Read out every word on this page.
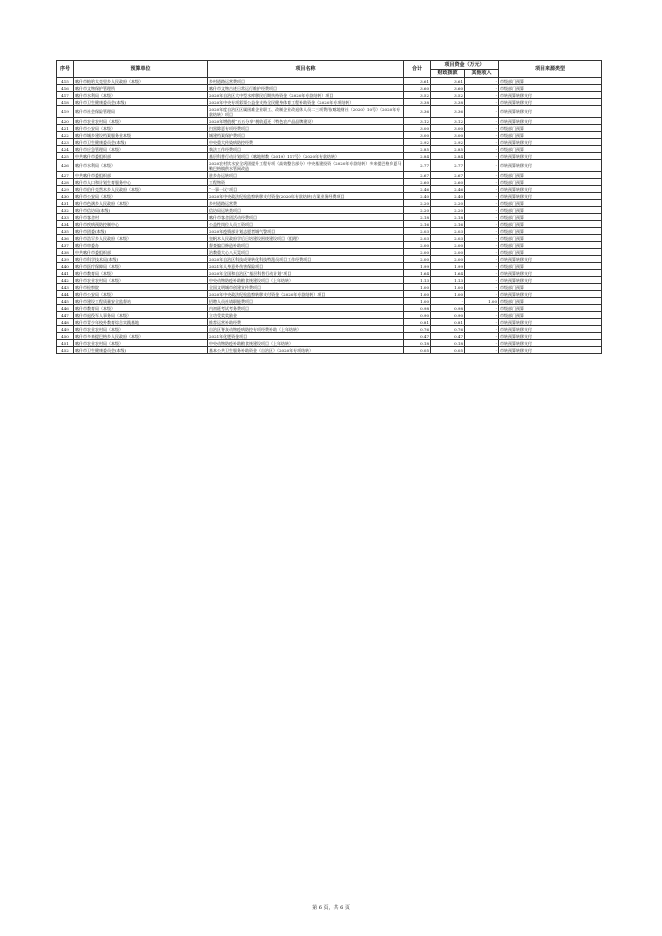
序号	预算单位	项目名称	合计	项目资金（万元）		项目来源类型
				财政拨款	其他收入	
415	喀什市帕哈太克里乡人民政府（本级）	乡村道路运营费项目	3.61	3.61	-	市级部门预算
416	喀什市文物保护管理所	喀什市文物古迹日常运行维护经费项目	3.60	3.60	-	市级部门预算
417	喀什市水利局（本级）	2020年自治区大中型水库移民后期扶持资金（2020年专款结转）项目	3.52	3.52	-	市转预算转移支付
418	喀什市卫生健康委员会(本级)	2020年中央专项彩票公益金支持全民健身体育工程补助资金（2020年专项结转）	3.38	3.38	-	市转预算转移支付
419	喀什市社会保险管理局	2020年度自治区区属困难企业职工、改制企业改退休人员二三项费用(喀地财社（2020）10号）（2020年专款结转）项目	3.36	3.36	-	市转预算转移支付
420	喀什市农业农村局（本级）	2020年增值税“五五分享”税收返还（特色农产品品牌建设）	3.12	3.12	-	市转预算转移支付
421	喀什市公安局（本级）	扫黑除恶专项经费项目	3.00	3.00	-	市级部门预算
422	喀什市城乡建设档案服务业本级	城建档案保护费项目	3.00	3.00	-	市级部门预算
423	喀什市卫生健康委员会(本级)	中央重大传染病防控经费	2.92	2.92	-	市转预算转移支付
424	喀什市应急管理局（本级）	執法工作经费项目	2.85	2.85	-	市级部门预算
425	中共喀什市委组织部	基层科普行动计划项目（喀地财教（2019）117号）（2020年专款结转）	2.84	2.84	-	市转预算转移支付
426	喀什市水利局（本级）	2020农村饮水安全巩固提升工程专项（高效整合部分）中央基建投资（2020年专款结转）多来提巴格乡夏马勒巴格镇供水管网改造	2.77	2.77	-	市转预算转移支付
427	中共喀什市委组织部	驻乡办运转项目	2.67	2.67	-	市级部门预算
428	喀什市人口和计划生育服务中心	工程物资	2.60	2.60	-	市级部门预算
429	喀什市伯什克然木乡人民政府（本级）	“一事一议”项目	2.46	2.46	-	市转预算转移支付
430	喀什市公安局（本级）	2020年中央政法纪检监察转移支付资金(2020年专款结转)方案业务经费项目	2.40	2.40	-	市转预算转移支付
431	喀什市色满乡人民政府（本级）	乡村道路运营费	2.20	2.20	-	市级部门预算
432	喀什市信访局(本级)	信访局运转类项目	2.20	2.20	-	市级部门预算
433	喀什市客舍村	喀什市客舍团活动经费项目	2.18	2.18	-	市级部门预算
434	喀什市疾病预防控制中心	公益性岗位人员工资项目	2.16	2.16	-	市级部门预算
435	喀什市团委(本级)	2020年疫情部计划志愿者城气警项目	2.03	2.03	-	市级部门预算
436	喀什市浩罕乡人民政府（本级）	皇帆木人民政府学后日培建设围绕建设项目（组理）	2.03	2.03	-	市级部门预算
437	喀什市审委办	督查编目修造补助项目	2.00	2.00	-	市级部门预算
438	中共喀什市委组织部	治教重大心八天晃项目	2.00	2.00	-	市级部门预算
439	喀什市科学技术局(本级)	2020年自治区科技成果转化科技特派员项目工作经费项目	2.00	2.00	-	市转预算转移支付
440	喀什市医疗保障局（本级）	2021年人身意外伤害保险项目	1.99	1.99	-	市级部门预算
441	喀什市教育局（本级）	2020年全国和自治区“基层科普行动计划”项目	1.64	1.64	-	市转预算转移支付
442	喀什市农业农村局（本级）	中央动物防疫补助粮食统建设项目（上年结转）	1.13	1.13	-	市转预算转移支付
443	喀什市检察院	全国文明城市创建宣传费项目	1.00	1.00	-	市级部门预算
444	喀什市公安局（本级）	2020年中央政法纪检监察转移支付资金（2020年专款结转）项目	1.00	1.00	-	市转预算转移支付
445	喀什市建设工程质量安全监督站	招聘人员社请职能费项目	1.00	-	1.00	市级部门预算
446	喀什市教育局（本级）	内初班考试考务费项目	0.98	0.98	-	市级部门预算
447	喀什市退役军人事务局（本级）	立功受奖奖励金	0.90	0.90	-	市级部门预算
448	喀什市青少年校外教育综合实践基地	推荐运营补助经费	0.81	0.81	-	市转预算转移支付
449	喀什市农业农村局（本级）	自治区脊灰动物疫病防控专项经费补助（上年结转）	0.76	0.76	-	市转预算转移支付
450	喀什市多来提巴格乡人民政府（本级）	2021年化肥资金项目	0.47	0.47	-	市转预算转移支付
451	喀什市农业农村局（本级）	中央动物防疫补助粮食统建设项目（上年结转）	0.18	0.18	-	市转预算转移支付
452	喀什市卫生健康委员会(本级)	基本公共卫生服务补助资金（自治区）（2020年专项结转）	0.05	0.05	-	市转预算转移支付
第 6 页，共 6 页
